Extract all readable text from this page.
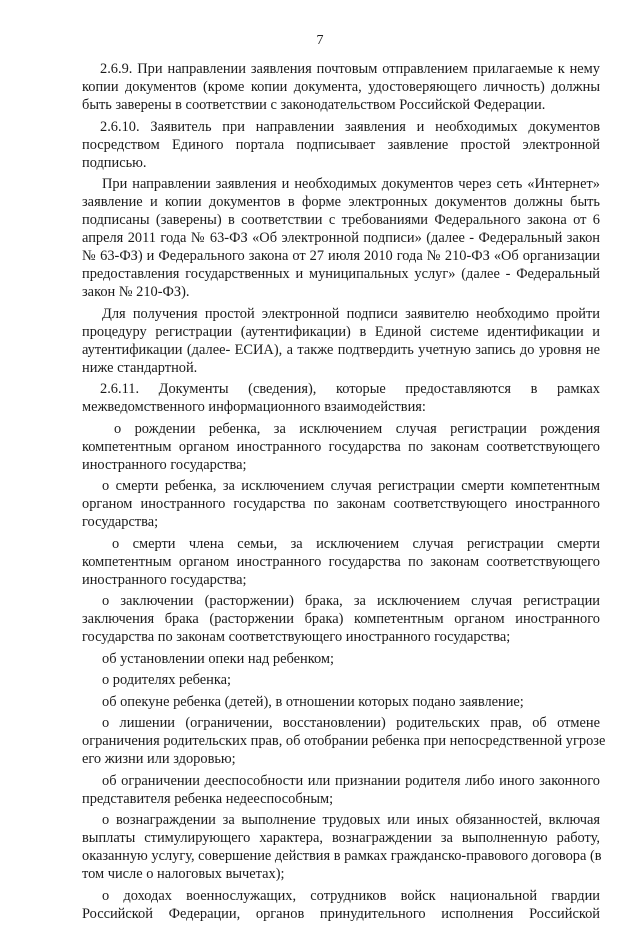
7
2.6.9. При направлении заявления почтовым отправлением прилагаемые к нему
копии документов (кроме копии документа, удостоверяющего личность) должны
быть заверены в соответствии с законодательством Российской Федерации.
2.6.10. Заявитель при направлении заявления и необходимых документов
посредством Единого портала подписывает заявление простой электронной
подписью.
При направлении заявления и необходимых документов через сеть «Интернет»
заявление и копии документов в форме электронных документов должны быть
подписаны (заверены) в соответствии с требованиями Федерального закона от 6
апреля 2011 года № 63-ФЗ «Об электронной подписи» (далее - Федеральный закон
№ 63-ФЗ) и Федерального закона от 27 июля 2010 года № 210-ФЗ «Об организации
предоставления государственных и муниципальных услуг» (далее - Федеральный
закон № 210-ФЗ).
Для получения простой электронной подписи заявителю необходимо пройти
процедуру регистрации (аутентификации) в Единой системе идентификации и
аутентификации (далее- ЕСИА), а также подтвердить учетную запись до уровня не
ниже стандартной.
2.6.11. Документы (сведения), которые предоставляются в рамках
межведомственного информационного взаимодействия:
о рождении ребенка, за исключением случая регистрации рождения
компетентным органом иностранного государства по законам соответствующего
иностранного государства;
о смерти ребенка, за исключением случая регистрации смерти компетентным
органом иностранного государства по законам соответствующего иностранного
государства;
о смерти члена семьи, за исключением случая регистрации смерти
компетентным органом иностранного государства по законам соответствующего
иностранного государства;
о заключении (расторжении) брака, за исключением случая регистрации
заключения брака (расторжении брака) компетентным органом иностранного
государства по законам соответствующего иностранного государства;
об установлении опеки над ребенком;
о родителях ребенка;
об опекуне ребенка (детей), в отношении которых подано заявление;
о лишении (ограничении, восстановлении) родительских прав, об отмене
ограничения родительских прав, об отобрании ребенка при непосредственной угрозе
его жизни или здоровью;
об ограничении дееспособности или признании родителя либо иного законного
представителя ребенка недееспособным;
о вознаграждении за выполнение трудовых или иных обязанностей, включая
выплаты стимулирующего характера, вознаграждении за выполненную работу,
оказанную услугу, совершение действия в рамках гражданско-правового договора (в
том числе о налоговых вычетах);
о доходах военнослужащих, сотрудников войск национальной гвардии
Российской Федерации, органов принудительного исполнения Российской
